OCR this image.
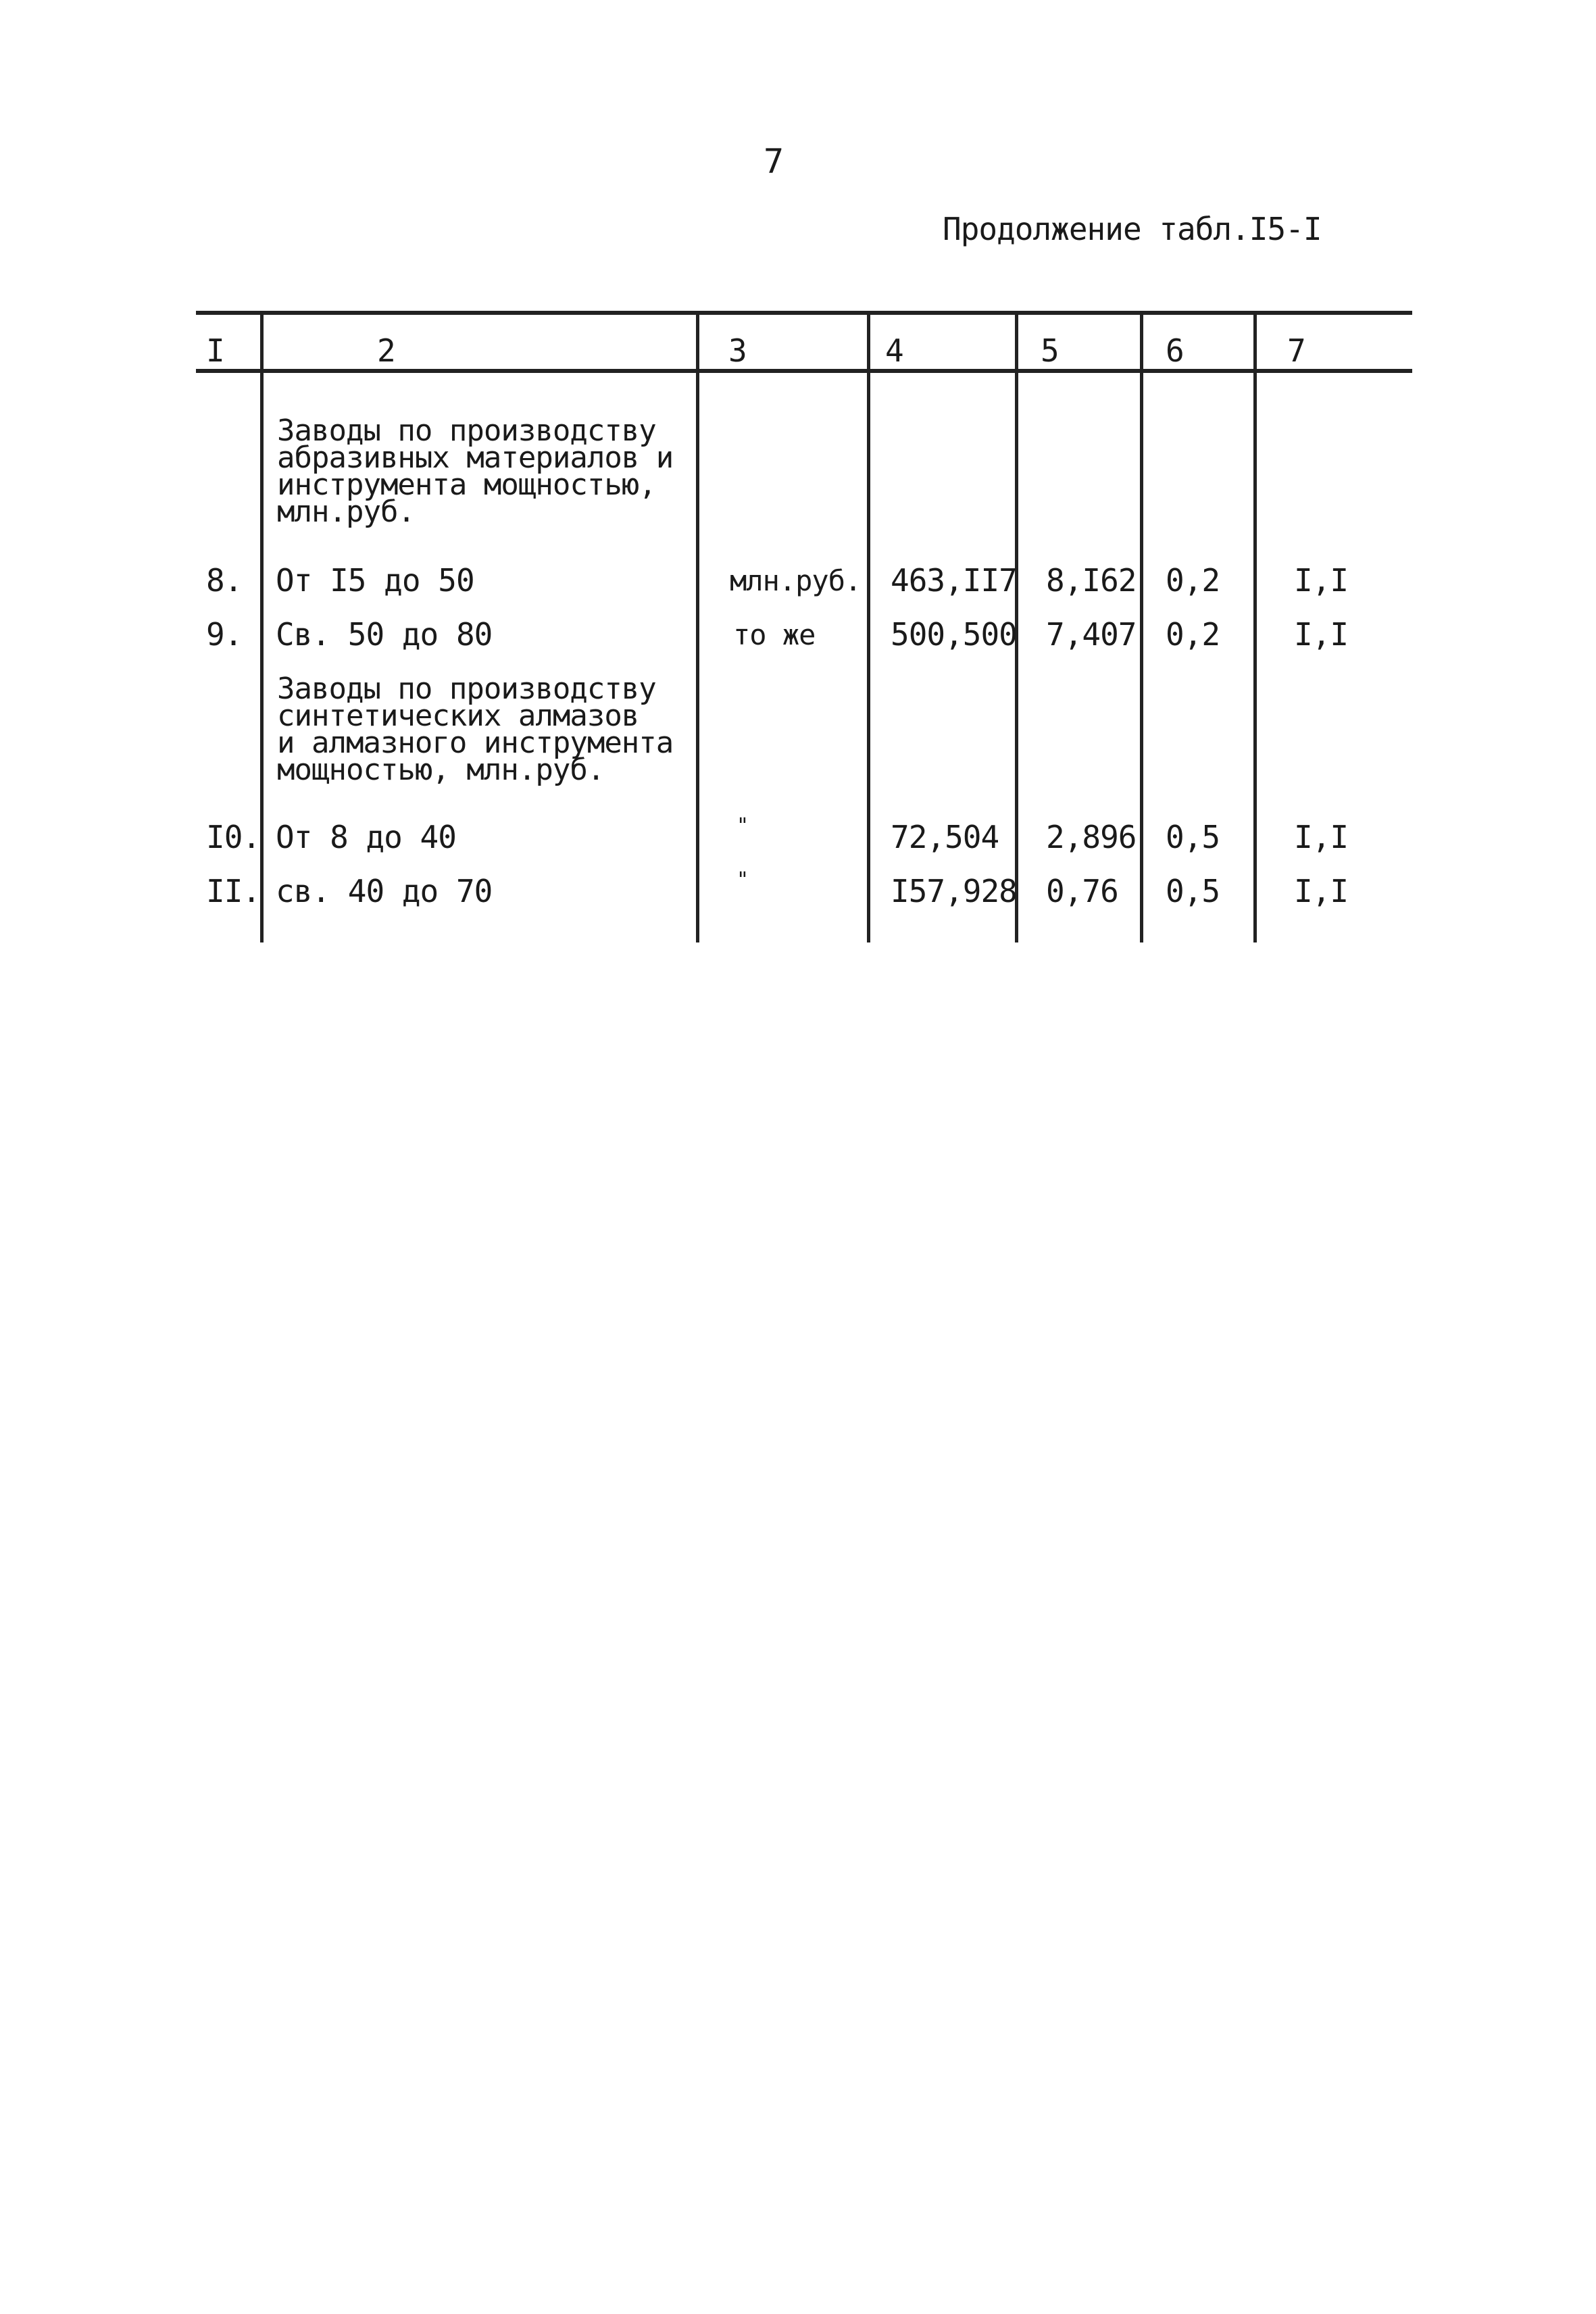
7
Продолжение табл.I5-I
I	2	3	4	5	6	7
Заводы по производству
абразивных материалов и
инструмента мощностью,
млн.руб.
8. От I5 до 50	млн.руб. 463,II7 8,I62 0,2 I,I
9. Св. 50 до 80	то же 500,500 7,407 0,2 I,I
Заводы по производству
синтетических алмазов
и алмазного инструмента
мощностью, млн.руб.
I0. От 8 до 40	"	72,504 2,896 0,5 I,I
II. св. 40 до 70	"	I57,928 0,76 0,5 I,I
